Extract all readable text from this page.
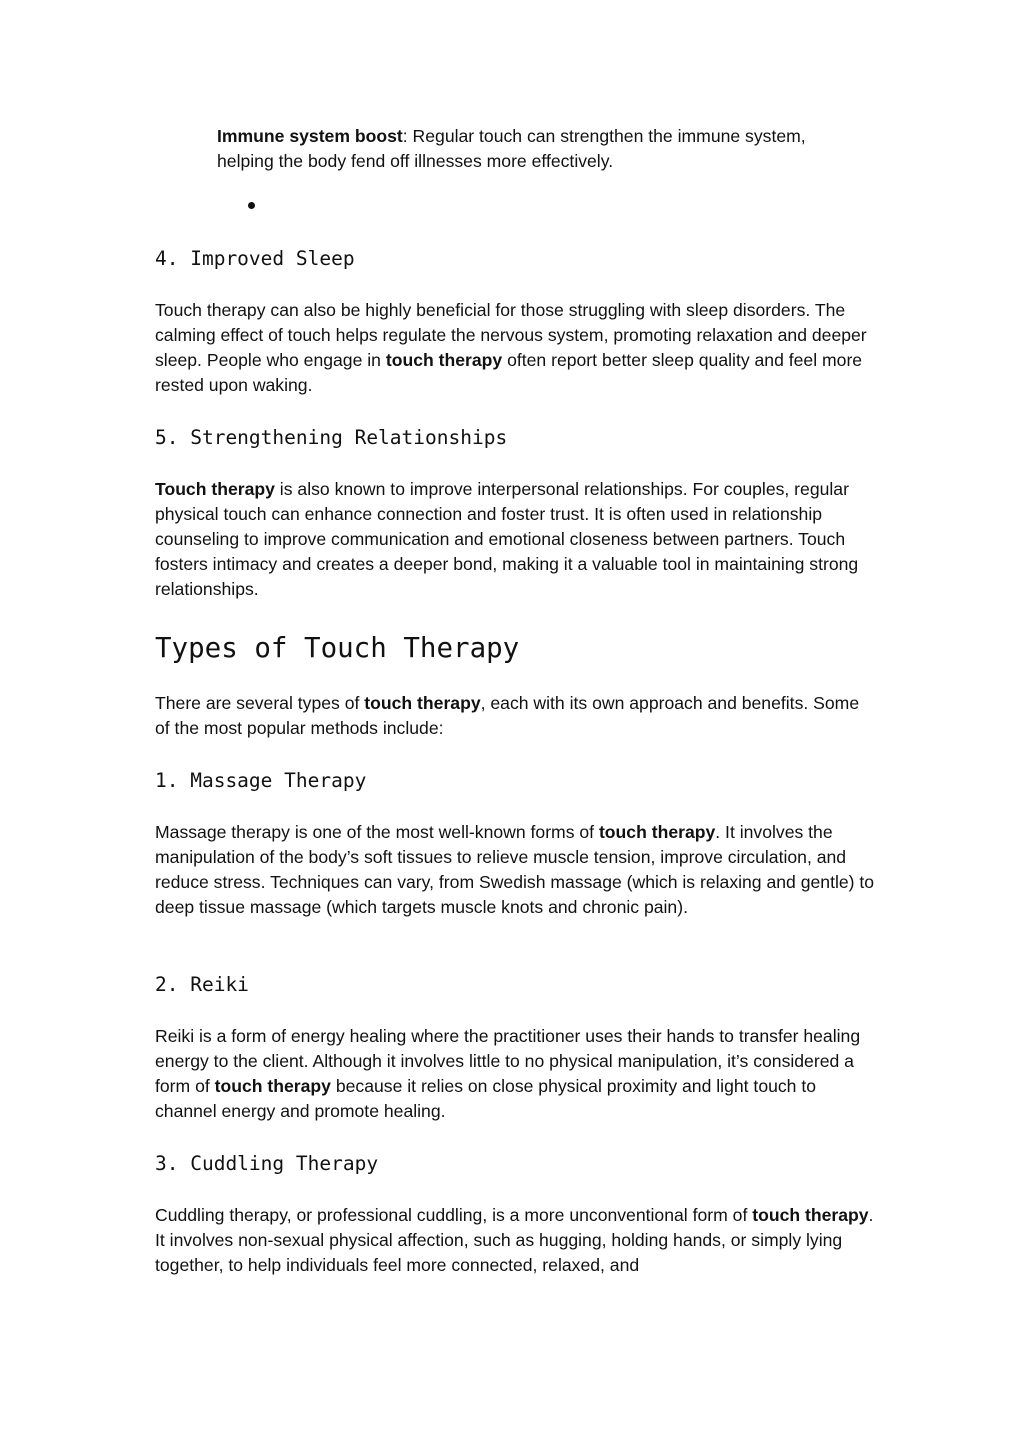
Immune system boost: Regular touch can strengthen the immune system, helping the body fend off illnesses more effectively.

4. Improved Sleep

Touch therapy can also be highly beneficial for those struggling with sleep disorders. The calming effect of touch helps regulate the nervous system, promoting relaxation and deeper sleep. People who engage in touch therapy often report better sleep quality and feel more rested upon waking.

5. Strengthening Relationships

Touch therapy is also known to improve interpersonal relationships. For couples, regular physical touch can enhance connection and foster trust. It is often used in relationship counseling to improve communication and emotional closeness between partners. Touch fosters intimacy and creates a deeper bond, making it a valuable tool in maintaining strong relationships.

Types of Touch Therapy

There are several types of touch therapy, each with its own approach and benefits. Some of the most popular methods include:

1. Massage Therapy

Massage therapy is one of the most well-known forms of touch therapy. It involves the manipulation of the body’s soft tissues to relieve muscle tension, improve circulation, and reduce stress. Techniques can vary, from Swedish massage (which is relaxing and gentle) to deep tissue massage (which targets muscle knots and chronic pain).

2. Reiki

Reiki is a form of energy healing where the practitioner uses their hands to transfer healing energy to the client. Although it involves little to no physical manipulation, it’s considered a form of touch therapy because it relies on close physical proximity and light touch to channel energy and promote healing.

3. Cuddling Therapy

Cuddling therapy, or professional cuddling, is a more unconventional form of touch therapy. It involves non-sexual physical affection, such as hugging, holding hands, or simply lying together, to help individuals feel more connected, relaxed, and
